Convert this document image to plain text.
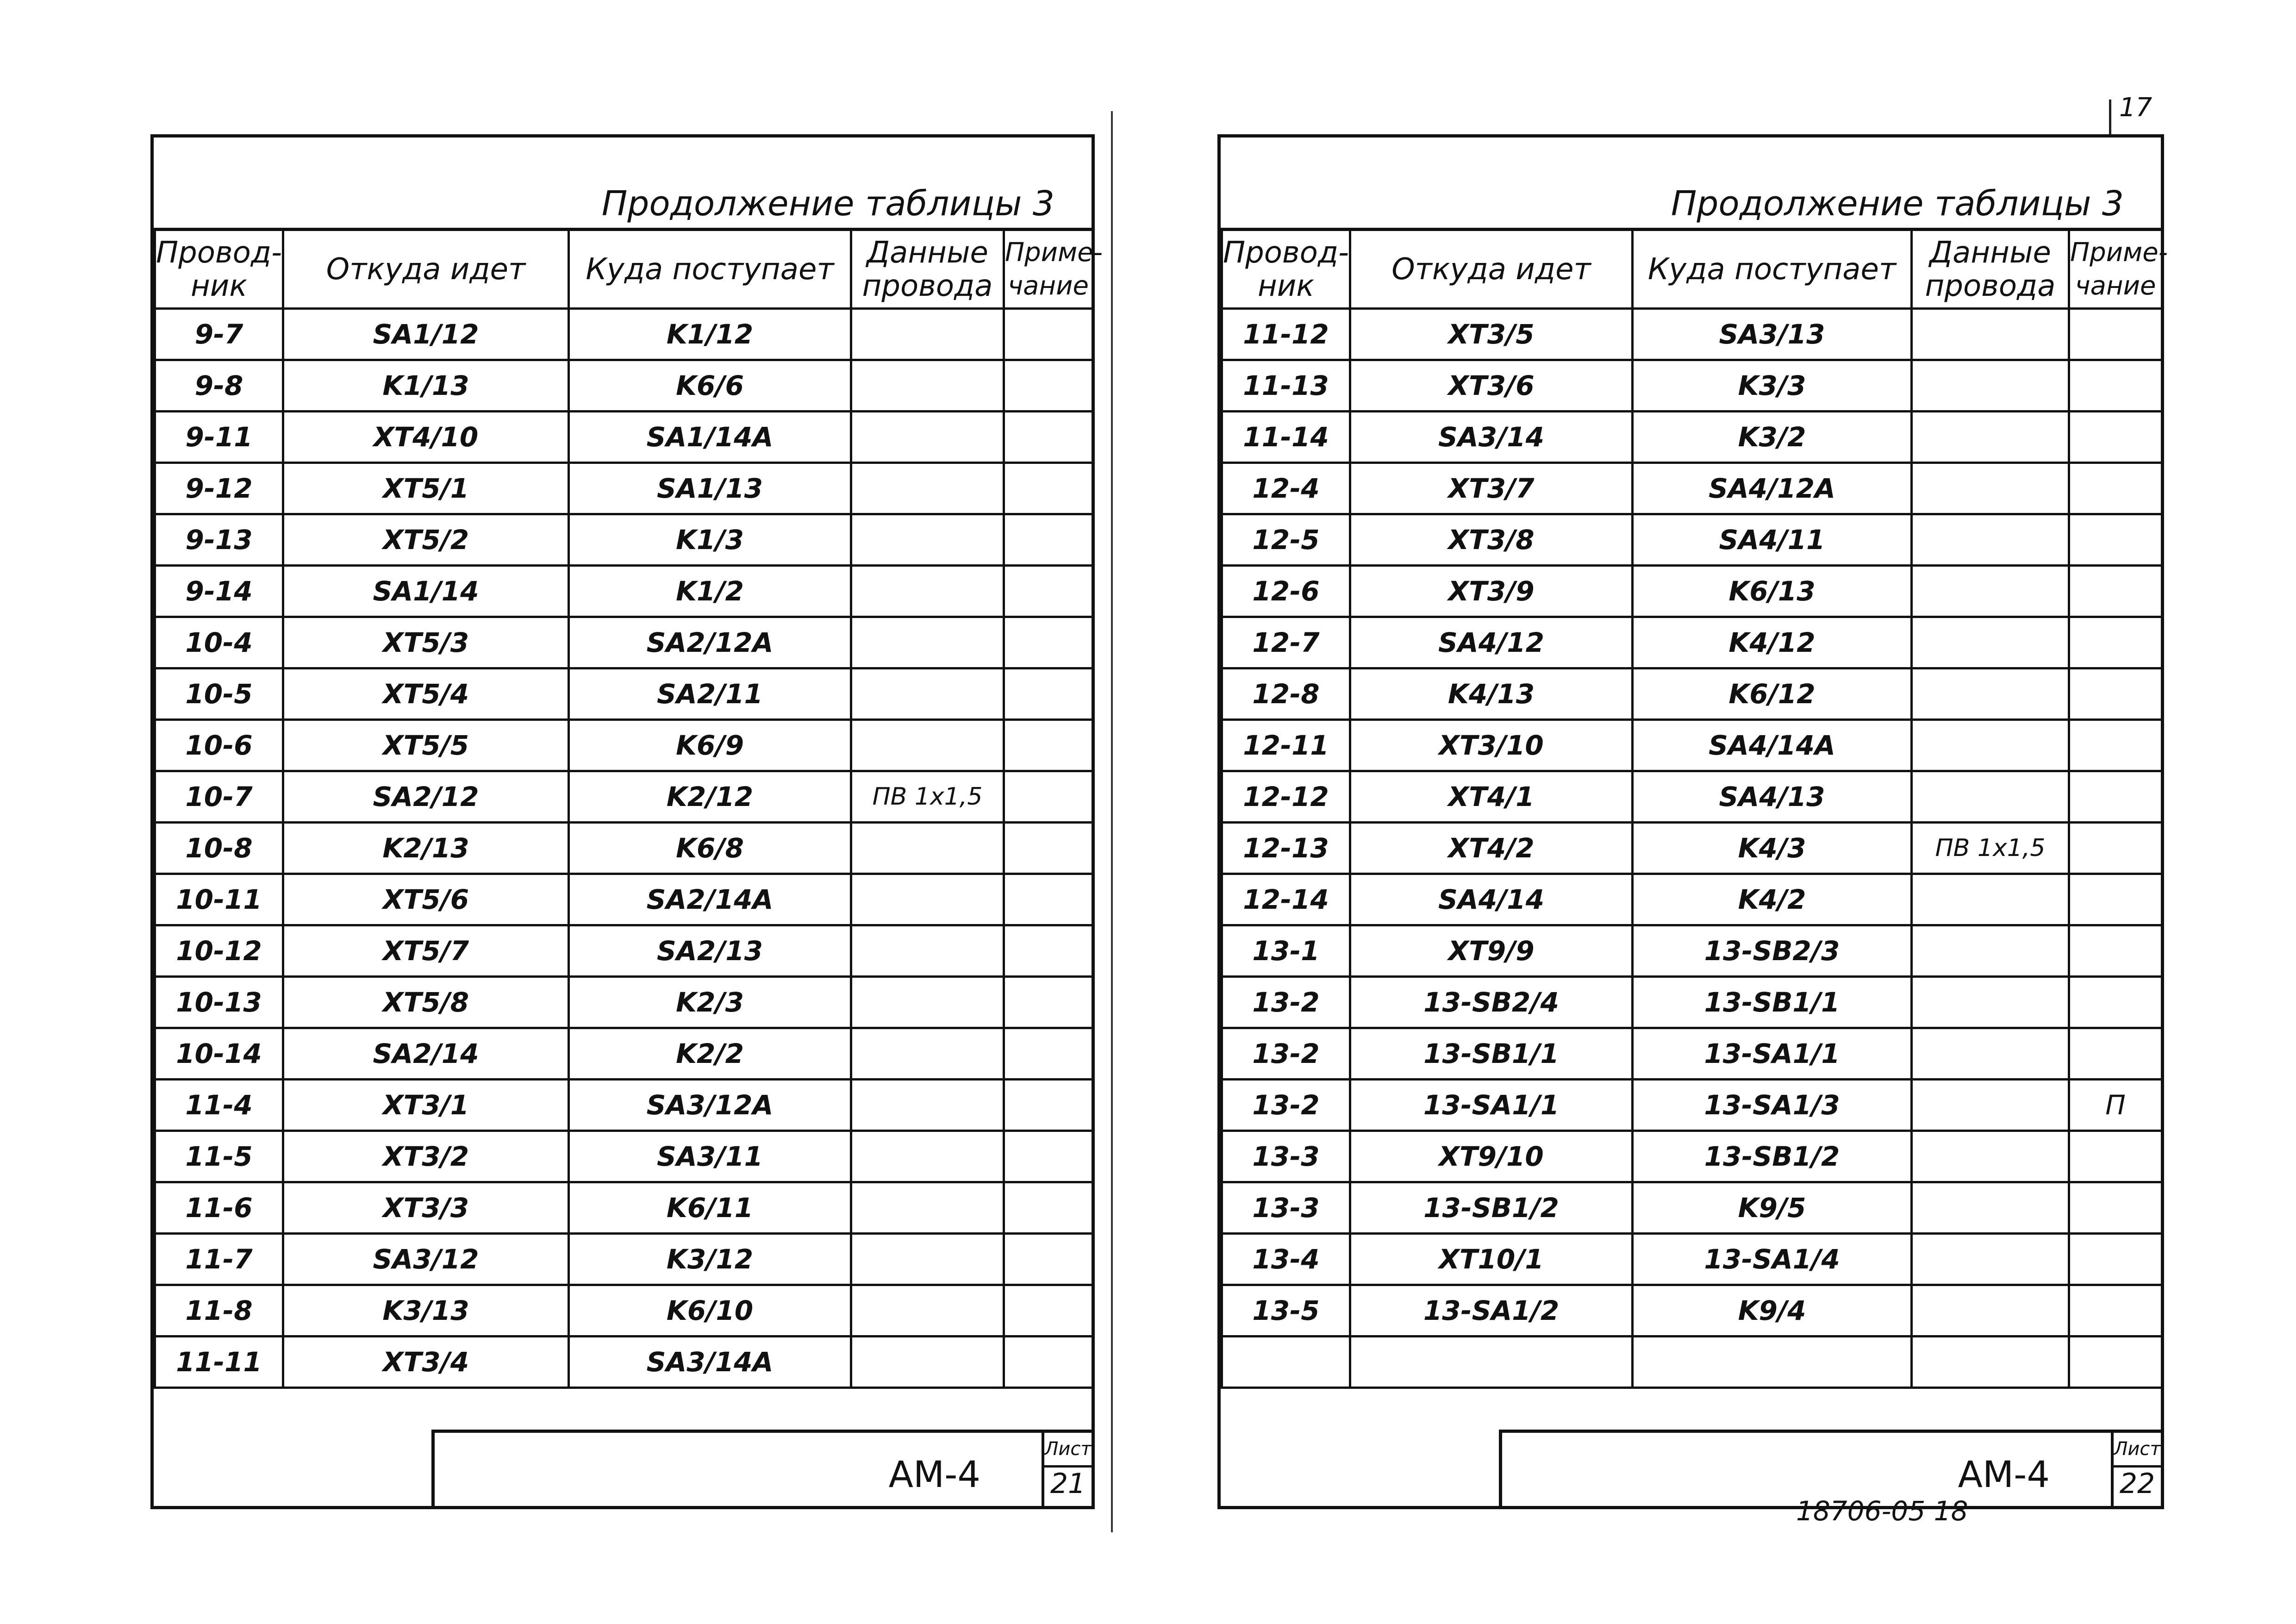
17
Продолжение таблицы 3
Провод-
ник	Откуда идет	Куда поступает	Данные
провода	Приме-
чание
9-7	SA1/12	K1/12		
9-8	K1/13	K6/6		
9-11	XT4/10	SA1/14A		
9-12	XT5/1	SA1/13		
9-13	XT5/2	K1/3		
9-14	SA1/14	K1/2		
10-4	XT5/3	SA2/12A		
10-5	XT5/4	SA2/11		
10-6	XT5/5	K6/9		
10-7	SA2/12	K2/12	ПВ 1x1,5	
10-8	K2/13	K6/8		
10-11	XT5/6	SA2/14A		
10-12	XT5/7	SA2/13		
10-13	XT5/8	K2/3		
10-14	SA2/14	K2/2		
11-4	XT3/1	SA3/12A		
11-5	XT3/2	SA3/11		
11-6	XT3/3	K6/11		
11-7	SA3/12	K3/12		
11-8	K3/13	K6/10		
11-11	XT3/4	SA3/14A		
АМ-4
Лист
21
Продолжение таблицы 3
Провод-
ник	Откуда идет	Куда поступает	Данные
провода	Приме-
чание
11-12	XT3/5	SA3/13		
11-13	XT3/6	K3/3		
11-14	SA3/14	K3/2		
12-4	XT3/7	SA4/12A		
12-5	XT3/8	SA4/11		
12-6	XT3/9	K6/13		
12-7	SA4/12	K4/12		
12-8	K4/13	K6/12		
12-11	XT3/10	SA4/14A		
12-12	XT4/1	SA4/13		
12-13	XT4/2	K4/3	ПВ 1x1,5	
12-14	SA4/14	K4/2		
13-1	XT9/9	13-SB2/3		
13-2	13-SB2/4	13-SB1/1		
13-2	13-SB1/1	13-SA1/1		
13-2	13-SA1/1	13-SA1/3		П
13-3	XT9/10	13-SB1/2		
13-3	13-SB1/2	K9/5		
13-4	XT10/1	13-SA1/4		
13-5	13-SA1/2	K9/4		

АМ-4
Лист
22
18706-05 18
